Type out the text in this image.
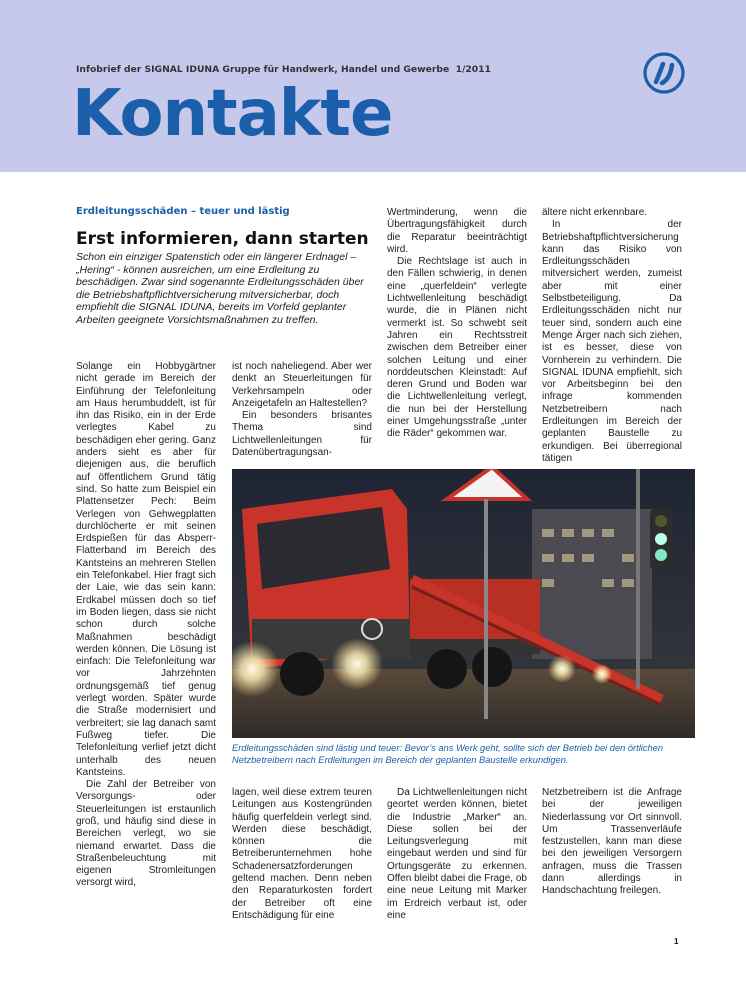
Infobrief der SIGNAL IDUNA Gruppe für Handwerk, Handel und Gewerbe 1/2011
Kontakte
Erdleitungsschäden – teuer und lästig
Erst informieren, dann starten
Schon ein einziger Spatenstich oder ein längerer Erdnagel – „Hering“ - können ausreichen, um eine Erdleitung zu beschädigen. Zwar sind sogenannte Erdleitungsschäden über die Betriebshaftpflichtversicherung mitversicherbar, doch empfiehlt die SIGNAL IDUNA, bereits im Vorfeld geplanter Arbeiten geeignete Vorsichtsmaßnahmen zu treffen.

Solange ein Hobbygärtner nicht gerade im Bereich der Einführung der Telefonleitung am Haus herumbuddelt, ist für ihn das Risiko, ein in der Erde verlegtes Kabel zu beschädigen eher gering. Ganz anders sieht es aber für diejenigen aus, die beruflich auf öffentlichem Grund tätig sind. So hatte zum Beispiel ein Plattensetzer Pech: Beim Verlegen von Gehwegplatten durchlöcherte er mit seinen Erdspießen für das Absperr-Flatterband im Bereich des Kantsteins an mehreren Stellen ein Telefonkabel. Hier fragt sich der Laie, wie das sein kann: Erdkabel müssen doch so tief im Boden liegen, dass sie nicht schon durch solche Maßnahmen beschädigt werden können. Die Lösung ist einfach: Die Telefonleitung war vor Jahrzehnten ordnungsgemäß tief genug verlegt worden. Später wurde die Straße modernisiert und verbreitert; sie lag danach samt Fußweg tiefer. Die Telefonleitung verlief jetzt dicht unterhalb des neuen Kantsteins.

Die Zahl der Betreiber von Versorgungs- oder Steuerleitungen ist erstaunlich groß, und häufig sind diese in Bereichen verlegt, wo sie niemand erwartet. Dass die Straßenbeleuchtung mit eigenen Stromleitungen versorgt wird,

ist noch naheliegend. Aber wer denkt an Steuerleitungen für Verkehrsampeln oder Anzeigetafeln an Haltestellen?

Ein besonders brisantes Thema sind Lichtwellenleitungen für Datenübertragungsan-

Wertminderung, wenn die Übertragungsfähigkeit durch die Reparatur beeinträchtigt wird.

Die Rechtslage ist auch in den Fällen schwierig, in denen eine „querfeldein“ verlegte Lichtwellenleitung beschädigt wurde, die in Plänen nicht vermerkt ist. So schwebt seit Jahren ein Rechtsstreit zwischen dem Betreiber einer solchen Leitung und einer norddeutschen Kleinstadt: Auf deren Grund und Boden war die Lichtwellenleitung verlegt, die nun bei der Herstellung einer Umgehungsstraße „unter die Räder“ gekommen war.

ältere nicht erkennbare.

In der Betriebshaftpflichtversicherung kann das Risiko von Erdleitungsschäden mitversichert werden, zumeist aber mit einer Selbstbeteiligung. Da Erdleitungsschäden nicht nur teuer sind, sondern auch eine Menge Ärger nach sich ziehen, ist es besser, diese von Vornherein zu verhindern. Die SIGNAL IDUNA empfiehlt, sich vor Arbeitsbeginn bei den infrage kommenden Netzbetreibern nach Erdleitungen im Bereich der geplanten Baustelle zu erkundigen. Bei überregional tätigen

Foto: MEV
Erdleitungsschäden sind lästig und teuer: Bevor’s ans Werk geht, sollte sich der Betrieb bei den örtlichen Netzbetreibern nach Erdleitungen im Bereich der geplanten Baustelle erkundigen.

lagen, weil diese extrem teuren Leitungen aus Kostengründen häufig querfeldein verlegt sind. Werden diese beschädigt, können die Betreiberunternehmen hohe Schadenersatzforderungen geltend machen. Denn neben den Reparaturkosten fordert der Betreiber oft eine Entschädigung für eine

Da Lichtwellenleitungen nicht geortet werden können, bietet die Industrie „Marker“ an. Diese sollen bei der Leitungsverlegung mit eingebaut werden und sind für Ortungsgeräte zu erkennen. Offen bleibt dabei die Frage, ob eine neue Leitung mit Marker im Erdreich verbaut ist, oder eine

Netzbetreibern ist die Anfrage bei der jeweiligen Niederlassung vor Ort sinnvoll. Um Trassenverläufe festzustellen, kann man diese bei den jeweiligen Versorgern anfragen, muss die Trassen dann allerdings in Handschachtung freilegen.

1
